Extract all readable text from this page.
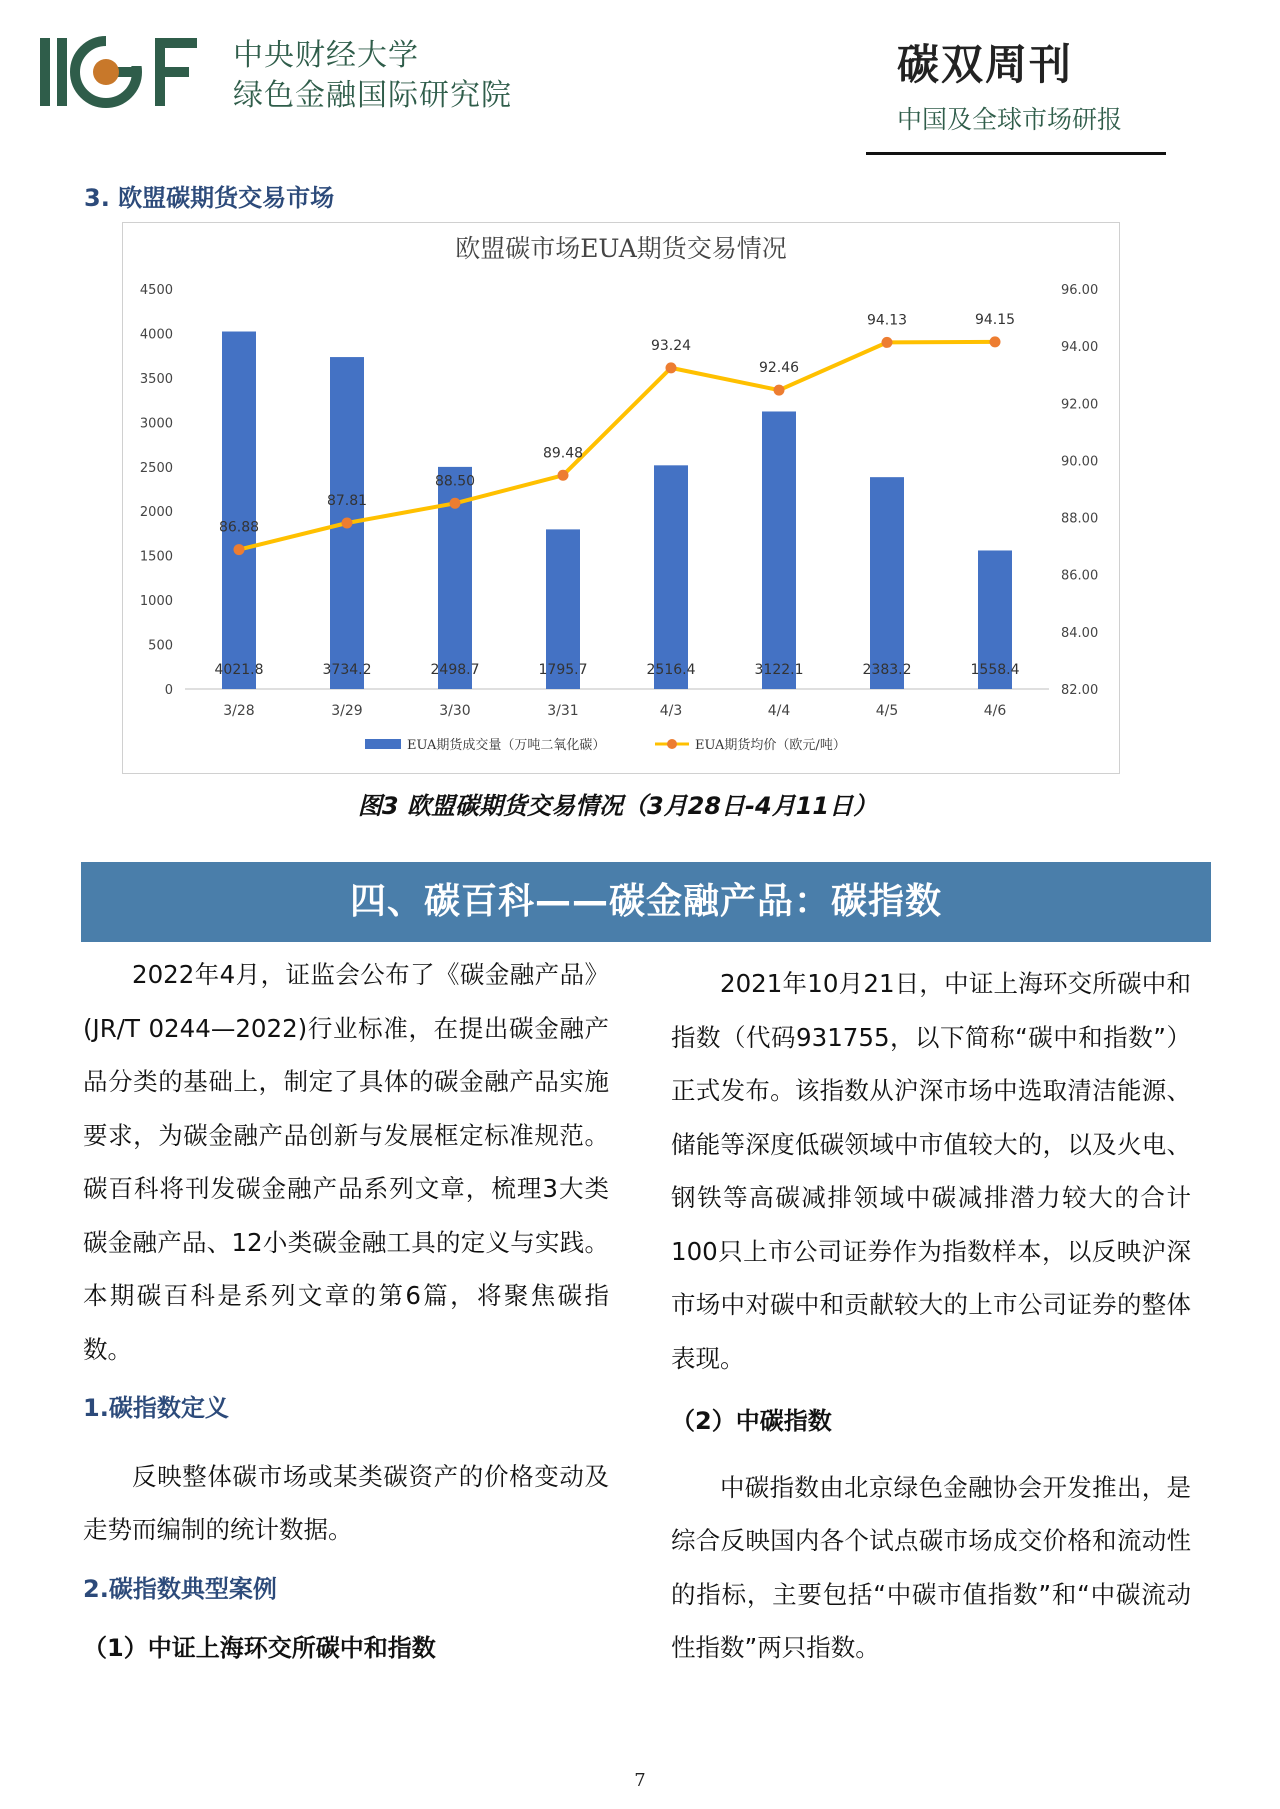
中央财经大学
绿色金融国际研究院
碳双周刊
中国及全球市场研报
3. 欧盟碳期货交易市场
欧盟碳市场EUA期货交易情况
0
500
1000
1500
2000
2500
3000
3500
4000
4500
82.00
84.00
86.00
88.00
90.00
92.00
94.00
96.00
4021.8	3734.2	2498.7	1795.7	2516.4	3122.1	2383.2	1558.4
3/28	3/29	3/30	3/31	4/3	4/4	4/5	4/6
86.88
87.81
88.50
89.48
93.24
92.46
94.13	94.15
EUA期货成交量（万吨二氧化碳）	EUA期货均价（欧元/吨）
图3 欧盟碳期货交易情况（3月28日-4月11日）
四、碳百科——碳金融产品：碳指数

2022年4月，证监会公布了《碳金融产品》(JR/T 0244—2022)行业标准，在提出碳金融产品分类的基础上，制定了具体的碳金融产品实施要求，为碳金融产品创新与发展框定标准规范。碳百科将刊发碳金融产品系列文章，梳理3大类碳金融产品、12小类碳金融工具的定义与实践。本期碳百科是系列文章的第6篇，将聚焦碳指数。

1.碳指数定义

反映整体碳市场或某类碳资产的价格变动及走势而编制的统计数据。

2.碳指数典型案例

（1）中证上海环交所碳中和指数

2021年10月21日，中证上海环交所碳中和指数（代码931755，以下简称“碳中和指数”） 正式发布。该指数从沪深市场中选取清洁能源、储能等深度低碳领域中市值较大的，以及火电、钢铁等高碳减排领域中碳减排潜力较大的合计100只上市公司证券作为指数样本，以反映沪深市场中对碳中和贡献较大的上市公司证券的整体表现。

（2）中碳指数

中碳指数由北京绿色金融协会开发推出，是综合反映国内各个试点碳市场成交价格和流动性的指标，主要包括“中碳市值指数”和“中碳流动性指数”两只指数。

7
